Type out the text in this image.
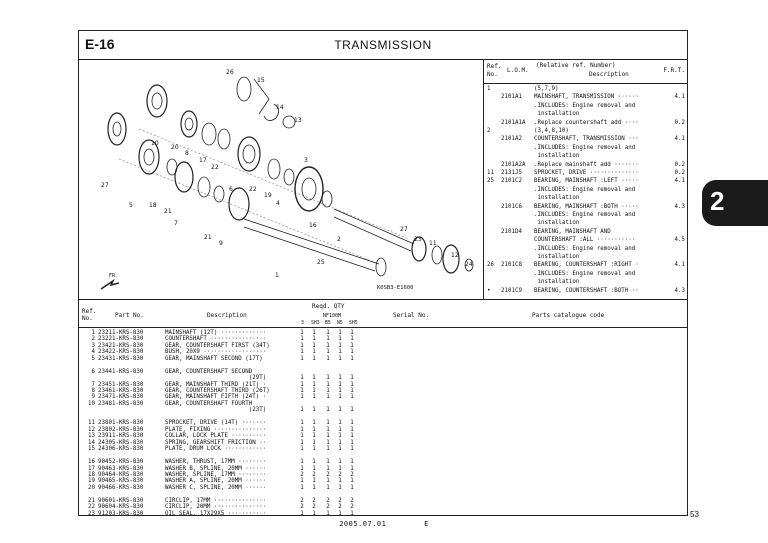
E-16	TRANSMISSION
26
15
14
13
10
20
8
17
22
3
6	22
19
4
27
5	18
21
7
21
9
16
2
27
23
11
12
24
25
1
FR.
K0SB3-E1600
Ref.
No.
L.O.M.
(Relative ref. Number)
Description
F.R.T.
1	(5,7,9)
2101A1 MAINSHAFT, TRANSMISSION ······	4.1
.INCLUDES: Engine removal and
installation
2101A1A .Replace countershaft add ····	0.2
2	(3,4,8,10)
2101A2 COUNTERSHAFT, TRANSMISSION ···	4.1
.INCLUDES: Engine removal and
installation
2101A2A .Replace mainshaft add ·······	0.2
11 2131J5 SPROCKET, DRIVE ··············	0.2
25 2101C2 BEARING, MAINSHAFT :LEFT ·····	4.1
.INCLUDES: Engine removal and
installation
2101C6 BEARING, MAINSHAFT :BOTH ·····	4.3
.INCLUDES: Engine removal and
installation
2101D4 BEARING, MAINSHAFT AND
COUNTERSHAFT :ALL ···········	4.5
.INCLUDES: Engine removal and
installation
26 2101C8 BEARING, COUNTERSHAFT :RIGHT ·	4.1
.INCLUDES: Engine removal and
installation
• 2101C9 BEARING, COUNTERSHAFT :BOTH ··	4.3
Ref.
No.	Part No.	Description
Reqd. QTY
NF100M
3 SH3 B5 N5 SH5
Serial No.	Parts catalogue code
1 23211-KRS-830	MAINSHAFT (12T) ·············	1 1 1 1 1
2 23221-KRS-830	COUNTERSHAFT ················	1 1 1 1 1
3 23421-KRS-830	GEAR, COUNTERSHAFT FIRST (34T)	1 1 1 1 1
4 23422-KRS-830	BUSH, 20X9 ··················	1 1 1 1 1
5 23431-KRS-830	GEAR, MAINSHAFT SECOND (17T)	1 1 1 1 1
6 23441-KRS-830	GEAR, COUNTERSHAFT SECOND
(29T)	1 1 1 1 1
7 23451-KRS-830	GEAR, MAINSHAFT THIRD (21T) ·	1 1 1 1 1
8 23461-KRS-830	GEAR, COUNTERSHAFT THIRD (26T)	1 1 1 1 1
9 23471-KRS-830	GEAR, MAINSHAFT FIFTH (24T) ·	1 1 1 1 1
10 23481-KRS-830	GEAR, COUNTERSHAFT FOURTH
(23T)	1 1 1 1 1
11 23801-KRS-830	SPROCKET, DRIVE (14T) ·······	1 1 1 1 1
12 23802-KRS-830	PLATE, FIXING ···············	1 1 1 1 1
13 23911-KRS-830	COLLAR, LOCK PLATE ··········	1 1 1 1 1
14 24305-KRS-830	SPRING, GEARSHIFT FRICTION ··	1 1 1 1 1
15 24306-KRS-830	PLATE, DRUM LOCK ············	1 1 1 1 1
16 90452-KRS-830	WASHER, THRUST, 17MM ········	1 1 1 1 1
17 90463-KRS-830	WASHER B, SPLINE, 20MM ······	1 1 1 1 1
18 90464-KRS-830	WASHER, SPLINE, 17MM ········	2 2 2 2 2
19 90465-KRS-830	WASHER A, SPLINE, 20MM ······	1 1 1 1 1
20 90466-KRS-830	WASHER C, SPLINE, 20MM ······	1 1 1 1 1
21 90601-KRS-830	CIRCLIP, 17MM ···············	2 2 2 2 2
22 90604-KRS-830	CIRCLIP, 20MM ···············	2 2 2 2 2
23 91203-KRS-830	OIL SEAL, 17X29X5 ···········	1 1 1 1 1
2
53
2005.07.01	E
